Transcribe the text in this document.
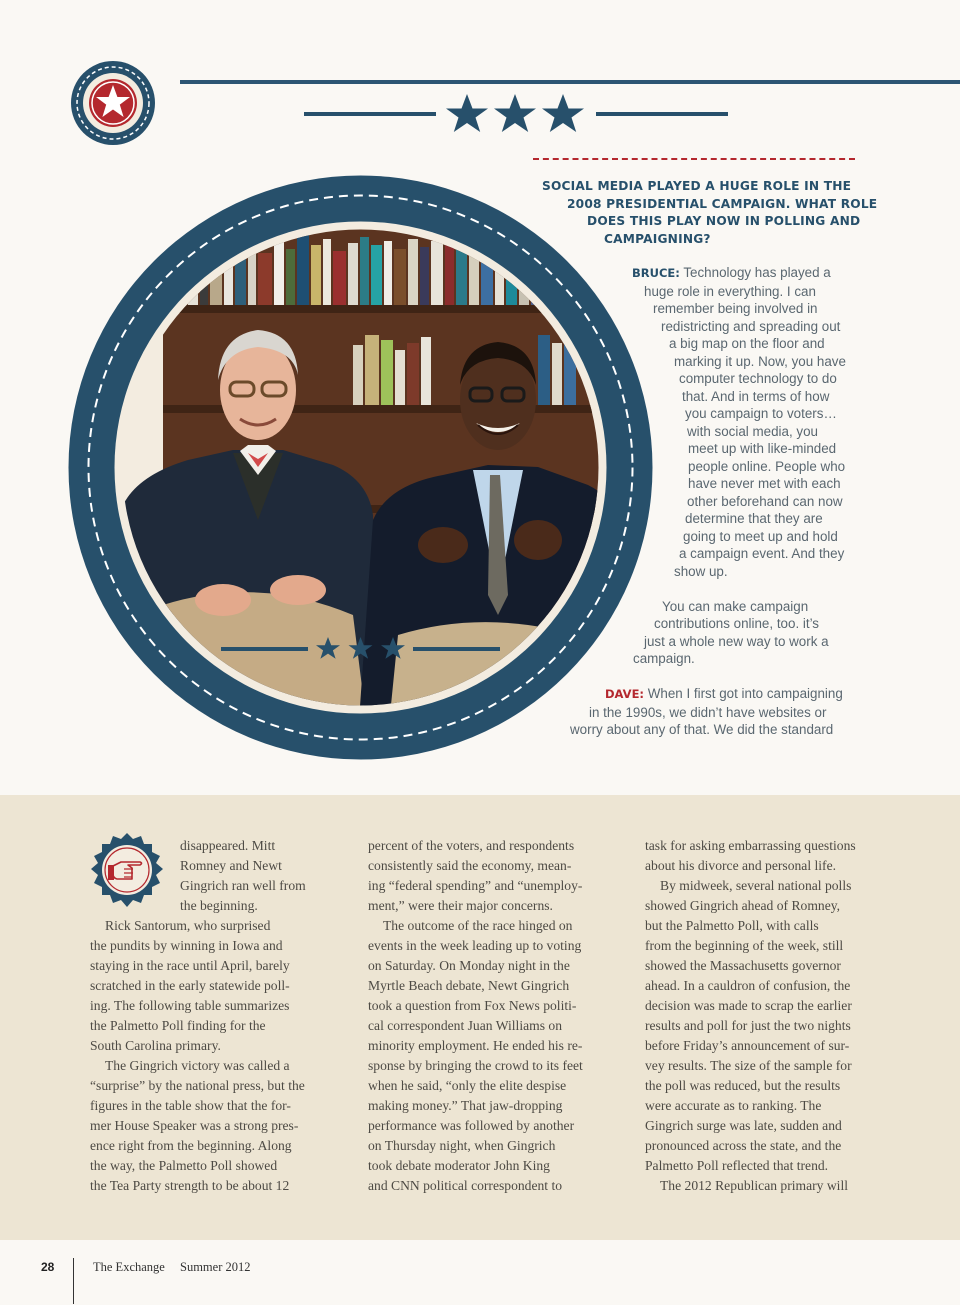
SOCIAL MEDIA PLAYED A HUGE ROLE IN THE
2008 PRESIDENTIAL CAMPAIGN. WHAT ROLE
DOES THIS PLAY NOW IN POLLING AND
CAMPAIGNING?
BRUCE: Technology has played a
huge role in everything. I can
remember being involved in
redistricting and spreading out
a big map on the floor and
marking it up. Now, you have
computer technology to do
that. And in terms of how
you campaign to voters…
with social media, you
meet up with like-minded
people online. People who
have never met with each
other beforehand can now
determine that they are
going to meet up and hold
a campaign event. And they
show up.
You can make campaign
contributions online, too. it’s
just a whole new way to work a
campaign.
DAVE: When I first got into campaigning
in the 1990s, we didn’t have websites or
worry about any of that. We did the standard
disappeared. Mitt
Romney and Newt
Gingrich ran well from
the beginning.
Rick Santorum, who surprised
the pundits by winning in Iowa and
staying in the race until April, barely
scratched in the early statewide poll-
ing. The following table summarizes
the Palmetto Poll finding for the
South Carolina primary.
The Gingrich victory was called a
“surprise” by the national press, but the
figures in the table show that the for-
mer House Speaker was a strong pres-
ence right from the beginning. Along
the way, the Palmetto Poll showed
the Tea Party strength to be about 12
percent of the voters, and respondents
consistently said the economy, mean-
ing “federal spending” and “unemploy-
ment,” were their major concerns.
The outcome of the race hinged on
events in the week leading up to voting
on Saturday. On Monday night in the
Myrtle Beach debate, Newt Gingrich
took a question from Fox News politi-
cal correspondent Juan Williams on
minority employment. He ended his re-
sponse by bringing the crowd to its feet
when he said, “only the elite despise
making money.” That jaw-dropping
performance was followed by another
on Thursday night, when Gingrich
took debate moderator John King
and CNN political correspondent to
task for asking embarrassing questions
about his divorce and personal life.
By midweek, several national polls
showed Gingrich ahead of Romney,
but the Palmetto Poll, with calls
from the beginning of the week, still
showed the Massachusetts governor
ahead. In a cauldron of confusion, the
decision was made to scrap the earlier
results and poll for just the two nights
before Friday’s announcement of sur-
vey results. The size of the sample for
the poll was reduced, but the results
were accurate as to ranking. The
Gingrich surge was late, sudden and
pronounced across the state, and the
Palmetto Poll reflected that trend.
The 2012 Republican primary will
28	The Exchange Summer 2012
